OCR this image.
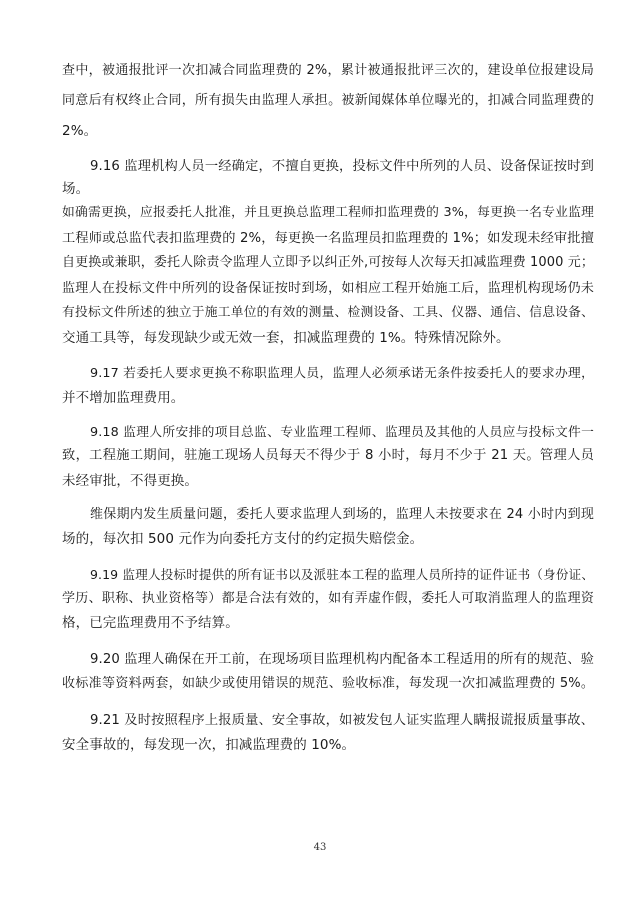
查中，被通报批评一次扣减合同监理费的 2%，累计被通报批评三次的，建设单位报建设局
同意后有权终止合同，所有损失由监理人承担。被新闻媒体单位曝光的，扣减合同监理费的
2%。
9.16 监理机构人员一经确定，不擅自更换，投标文件中所列的人员、设备保证按时到
场。
如确需更换，应报委托人批准，并且更换总监理工程师扣监理费的 3%，每更换一名专业监理
工程师或总监代表扣监理费的 2%，每更换一名监理员扣监理费的 1%；如发现未经审批擅
自更换或兼职，委托人除责令监理人立即予以纠正外,可按每人次每天扣减监理费 1000 元；
监理人在投标文件中所列的设备保证按时到场，如相应工程开始施工后，监理机构现场仍未
有投标文件所述的独立于施工单位的有效的测量、检测设备、工具、仪器、通信、信息设备、
交通工具等，每发现缺少或无效一套，扣减监理费的 1%。特殊情况除外。
9.17 若委托人要求更换不称职监理人员，监理人必须承诺无条件按委托人的要求办理，
并不增加监理费用。
9.18 监理人所安排的项目总监、专业监理工程师、监理员及其他的人员应与投标文件一
致，工程施工期间，驻施工现场人员每天不得少于 8 小时，每月不少于 21 天。管理人员
未经审批，不得更换。
维保期内发生质量问题，委托人要求监理人到场的，监理人未按要求在 24 小时内到现
场的，每次扣 500 元作为向委托方支付的约定损失赔偿金。
9.19 监理人投标时提供的所有证书以及派驻本工程的监理人员所持的证件证书（身份证、
学历、职称、执业资格等）都是合法有效的，如有弄虚作假，委托人可取消监理人的监理资
格，已完监理费用不予结算。
9.20 监理人确保在开工前，在现场项目监理机构内配备本工程适用的所有的规范、验
收标准等资料两套，如缺少或使用错误的规范、验收标准，每发现一次扣减监理费的 5%。
9.21 及时按照程序上报质量、安全事故，如被发包人证实监理人瞒报谎报质量事故、
安全事故的，每发现一次，扣减监理费的 10%。
43
